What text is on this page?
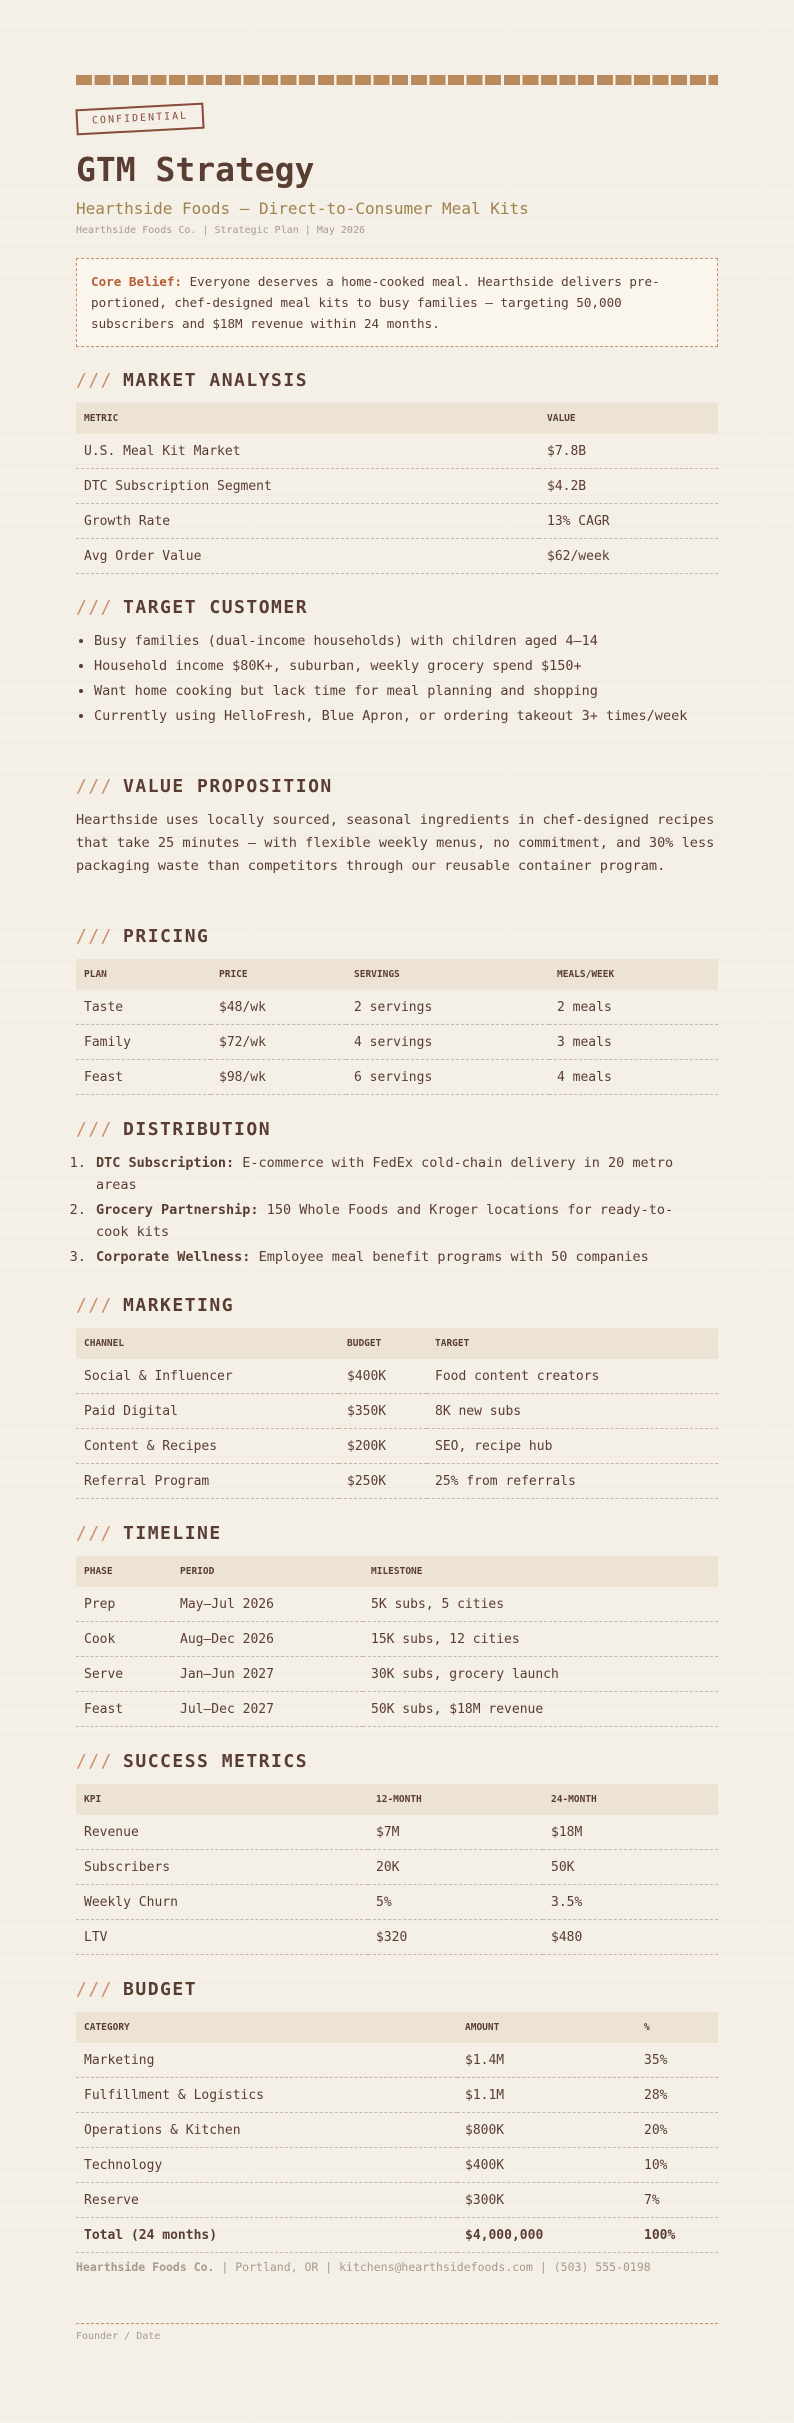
CONFIDENTIAL
GTM Strategy
Hearthside Foods — Direct-to-Consumer Meal Kits
Hearthside Foods Co. | Strategic Plan | May 2026
Core Belief: Everyone deserves a home-cooked meal. Hearthside delivers pre-portioned, chef-designed meal kits to busy families — targeting 50,000 subscribers and $18M revenue within 24 months.
/// MARKET ANALYSIS
METRIC	VALUE
U.S. Meal Kit Market	$7.8B
DTC Subscription Segment	$4.2B
Growth Rate	13% CAGR
Avg Order Value	$62/week
/// TARGET CUSTOMER
• Busy families (dual-income households) with children aged 4–14
• Household income $80K+, suburban, weekly grocery spend $150+
• Want home cooking but lack time for meal planning and shopping
• Currently using HelloFresh, Blue Apron, or ordering takeout 3+ times/week
/// VALUE PROPOSITION

Hearthside uses locally sourced, seasonal ingredients in chef-designed recipes that take 25 minutes — with flexible weekly menus, no commitment, and 30% less packaging waste than competitors through our reusable container program.

/// PRICING
PLAN	PRICE	SERVINGS	MEALS/WEEK
Taste	$48/wk	2 servings	2 meals
Family	$72/wk	4 servings	3 meals
Feast	$98/wk	6 servings	4 meals
/// DISTRIBUTION
1. DTC Subscription: E-commerce with FedEx cold-chain delivery in 20 metro areas
2. Grocery Partnership: 150 Whole Foods and Kroger locations for ready-to-cook kits
3. Corporate Wellness: Employee meal benefit programs with 50 companies
/// MARKETING
CHANNEL	BUDGET	TARGET
Social & Influencer	$400K	Food content creators
Paid Digital	$350K	8K new subs
Content & Recipes	$200K	SEO, recipe hub
Referral Program	$250K	25% from referrals
/// TIMELINE
PHASE	PERIOD	MILESTONE
Prep	May–Jul 2026	5K subs, 5 cities
Cook	Aug–Dec 2026	15K subs, 12 cities
Serve	Jan–Jun 2027	30K subs, grocery launch
Feast	Jul–Dec 2027	50K subs, $18M revenue
/// SUCCESS METRICS
KPI	12-MONTH	24-MONTH
Revenue	$7M	$18M
Subscribers	20K	50K
Weekly Churn	5%	3.5%
LTV	$320	$480
/// BUDGET
CATEGORY	AMOUNT	%
Marketing	$1.4M	35%
Fulfillment & Logistics	$1.1M	28%
Operations & Kitchen	$800K	20%
Technology	$400K	10%
Reserve	$300K	7%
Total (24 months)	$4,000,000	100%
Hearthside Foods Co. | Portland, OR | kitchens@hearthsidefoods.com | (503) 555-0198
Founder / Date
